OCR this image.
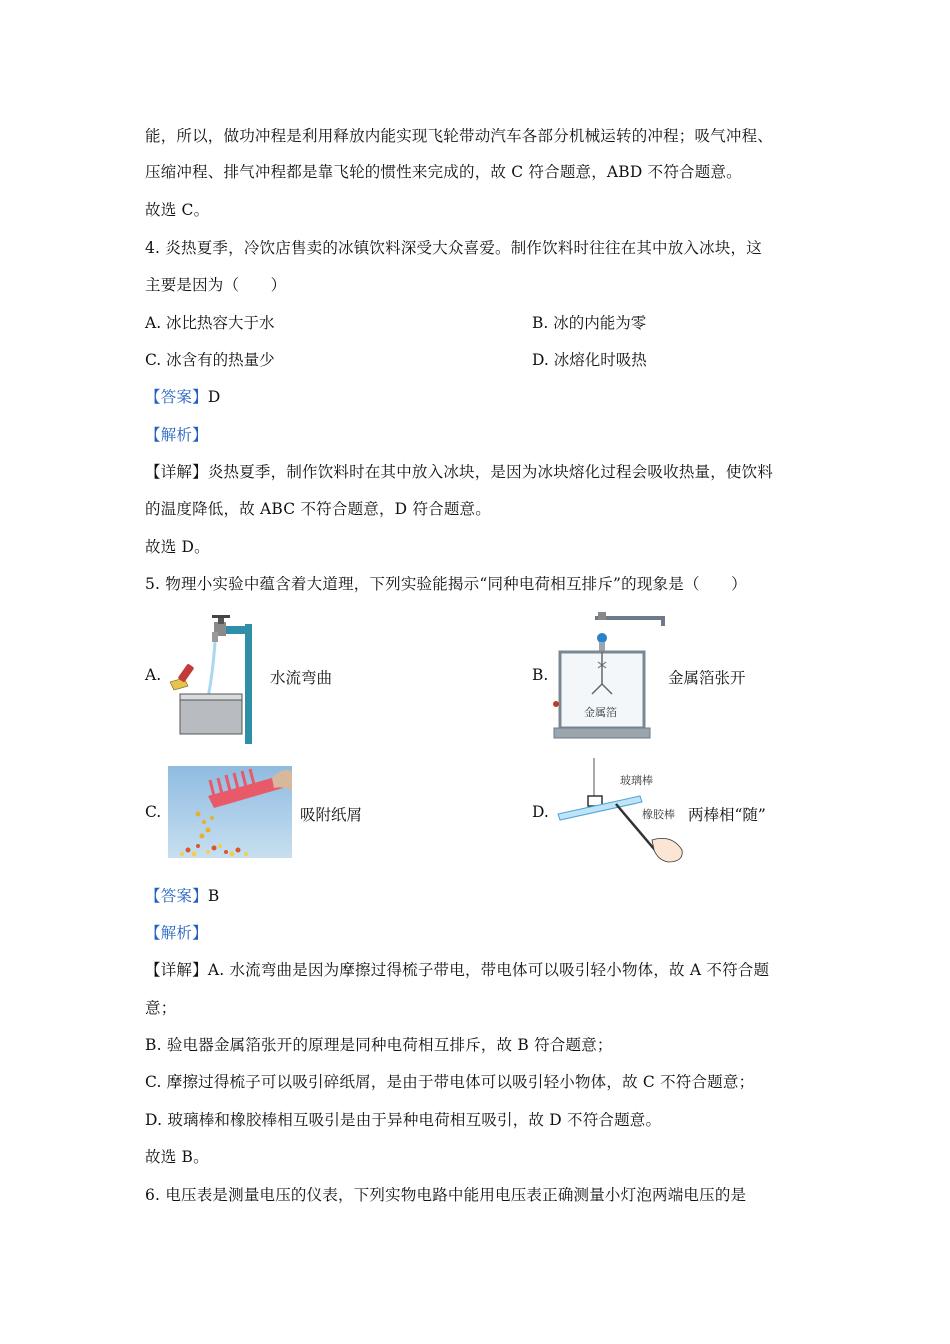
能，所以，做功冲程是利用释放内能实现飞轮带动汽车各部分机械运转的冲程；吸气冲程、
压缩冲程、排气冲程都是靠飞轮的惯性来完成的，故 C 符合题意，ABD 不符合题意。
故选 C。
4. 炎热夏季，冷饮店售卖的冰镇饮料深受大众喜爱。制作饮料时往往在其中放入冰块，这
主要是因为（　　）
A. 冰比热容大于水	B. 冰的内能为零
C. 冰含有的热量少	D. 冰熔化时吸热
【答案】D
【解析】
【详解】炎热夏季，制作饮料时在其中放入冰块，是因为冰块熔化过程会吸收热量，使饮料
的温度降低，故 ABC 不符合题意，D 符合题意。
故选 D。
5. 物理小实验中蕴含着大道理，下列实验能揭示“同种电荷相互排斥”的现象是（　　）
A.	水流弯曲	B.
金属箔
金属箔张开
C.	吸附纸屑	D.
玻璃棒
橡胶棒 两棒相“随”
【答案】B
【解析】
【详解】A. 水流弯曲是因为摩擦过得梳子带电，带电体可以吸引轻小物体，故 A 不符合题
意；
B. 验电器金属箔张开的原理是同种电荷相互排斥，故 B 符合题意；
C. 摩擦过得梳子可以吸引碎纸屑，是由于带电体可以吸引轻小物体，故 C 不符合题意；
D. 玻璃棒和橡胶棒相互吸引是由于异种电荷相互吸引，故 D 不符合题意。
故选 B。
6. 电压表是测量电压的仪表，下列实物电路中能用电压表正确测量小灯泡两端电压的是
